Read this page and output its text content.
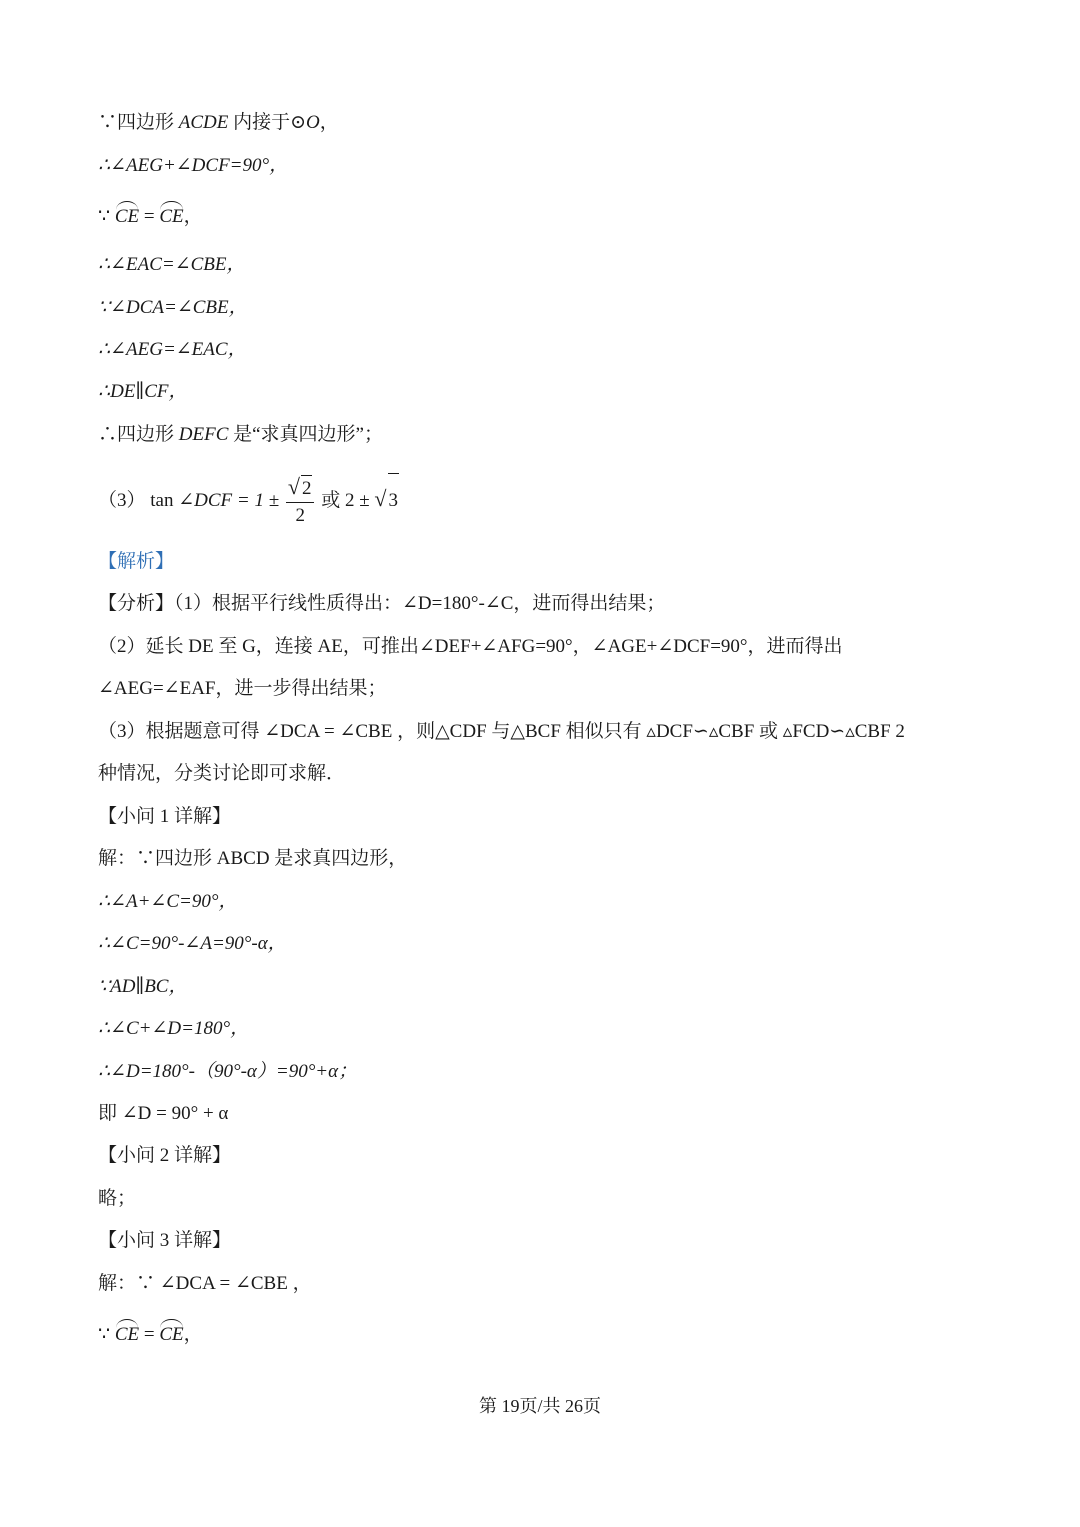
∵四边形 ACDE 内接于⊙O，
∴∠AEG+∠DCF=90°，
∵ CE = CE，
∴∠EAC=∠CBE，
∵∠DCA=∠CBE，
∴∠AEG=∠EAC，
∴DE∥CF，
∴四边形 DEFC 是“求真四边形”；
（3） tan ∠DCF = $1 \pm \frac{√ 2}{2}$ 或 2 ± √ 3
【解析】
【分析】（1）根据平行线性质得出：∠D=180°-∠C，进而得出结果；
（2）延长 DE 至 G，连接 AE，可推出∠DEF+∠AFG=90°，∠AGE+∠DCF=90°，进而得出
∠AEG=∠EAF，进一步得出结果；
（3）根据题意可得 ∠DCA = ∠CBE ，则△CDF 与△BCF 相似只有 ▵DCF∽▵CBF 或 ▵FCD∽▵CBF 2
种情况，分类讨论即可求解．
【小问 1 详解】
解：∵四边形 ABCD 是求真四边形，
∴∠A+∠C=90°，
∴∠C=90°-∠A=90°-α，
∵AD∥BC，
∴∠C+∠D=180°，
∴∠D=180°-（90°-α）=90°+α；
即 ∠D = 90° + α
【小问 2 详解】
略；
【小问 3 详解】
解：∵ ∠DCA = ∠CBE ，
∵ CE = CE，
第 19页/共 26页
